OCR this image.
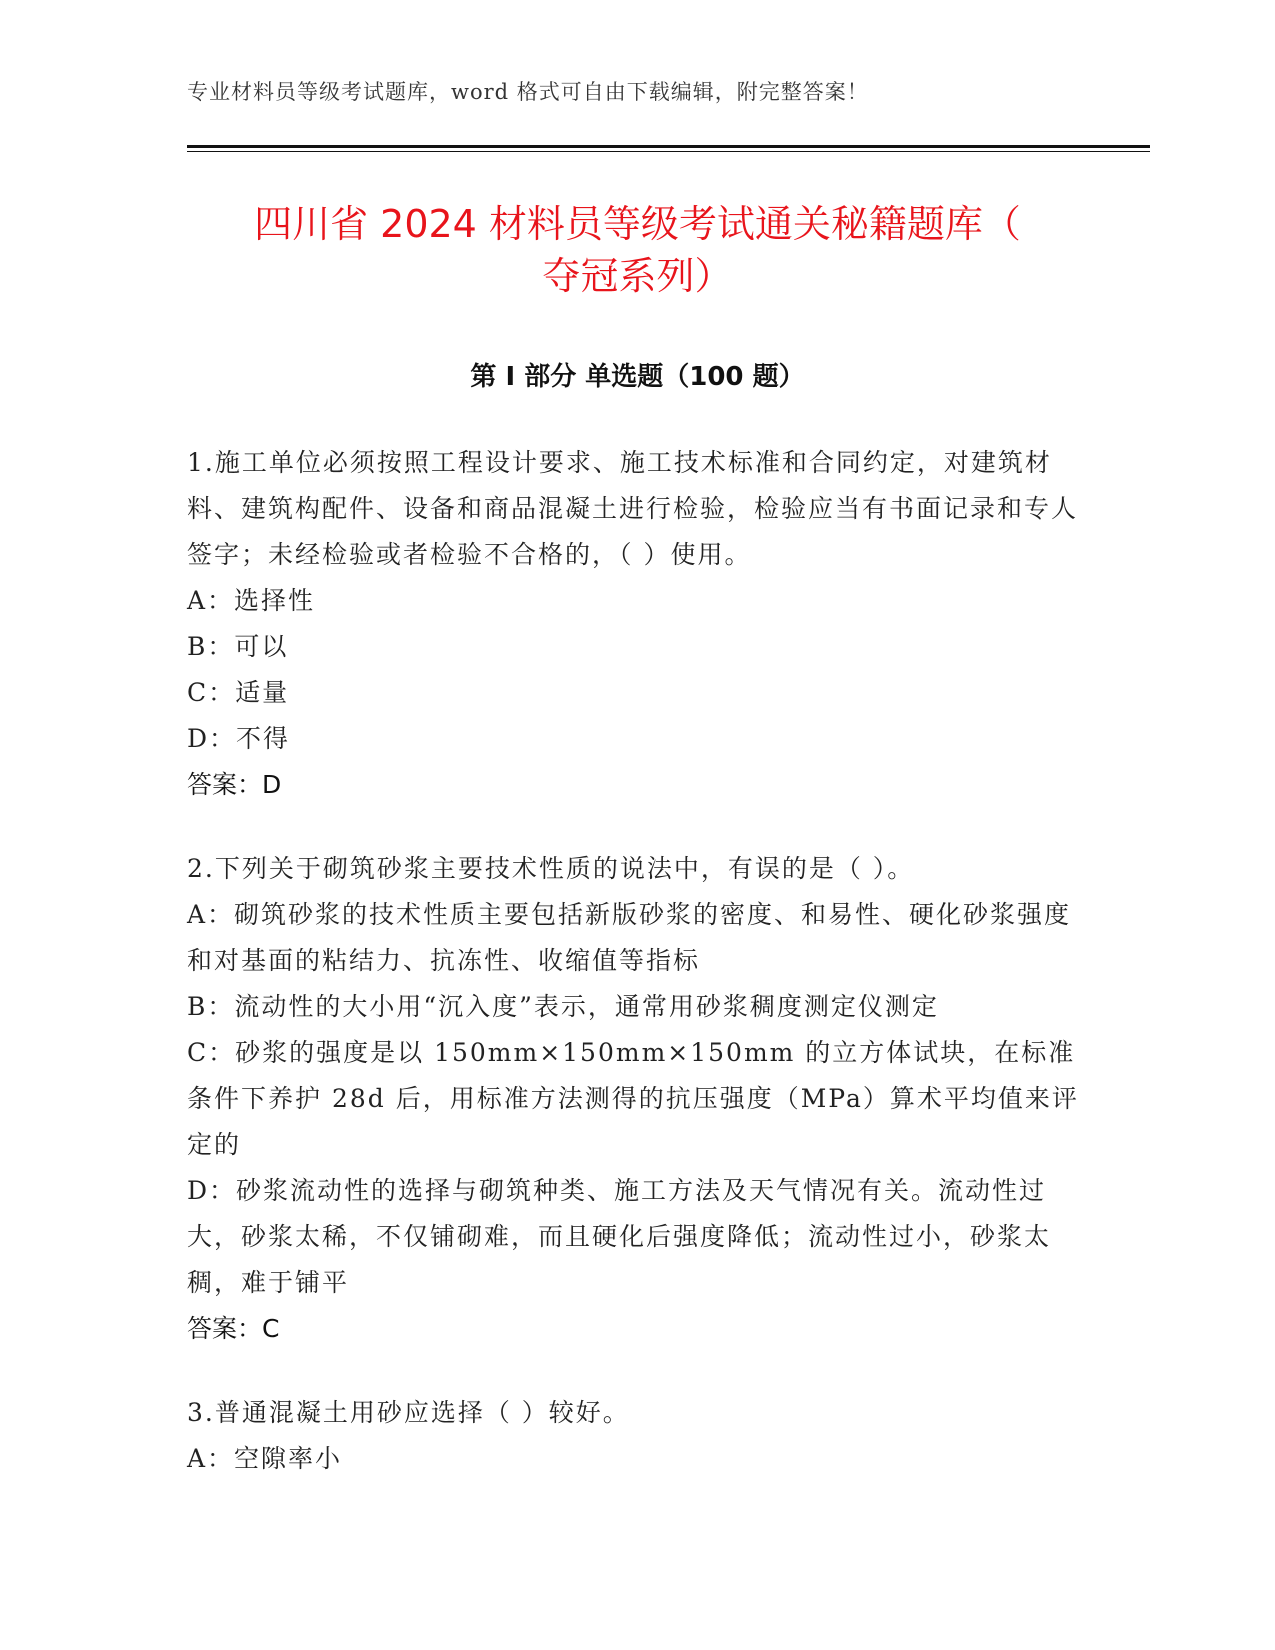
专业材料员等级考试题库，word 格式可自由下载编辑，附完整答案！
四川省 2024 材料员等级考试通关秘籍题库（
夺冠系列）
第 I 部分 单选题（100 题）

1.施工单位必须按照工程设计要求、施工技术标准和合同约定，对建筑材料、建筑构配件、设备和商品混凝土进行检验，检验应当有书面记录和专人签字；未经检验或者检验不合格的，（ ）使用。

A：选择性

B：可以

C：适量

D：不得

答案：D

2.下列关于砌筑砂浆主要技术性质的说法中，有误的是（ ）。

A：砌筑砂浆的技术性质主要包括新版砂浆的密度、和易性、硬化砂浆强度和对基面的粘结力、抗冻性、收缩值等指标

B：流动性的大小用“沉入度”表示，通常用砂浆稠度测定仪测定

C：砂浆的强度是以 150mm×150mm×150mm 的立方体试块，在标准条件下养护 28d 后，用标准方法测得的抗压强度（MPa）算术平均值来评定的

D：砂浆流动性的选择与砌筑种类、施工方法及天气情况有关。流动性过大，砂浆太稀，不仅铺砌难，而且硬化后强度降低；流动性过小，砂浆太稠，难于铺平

答案：C

3.普通混凝土用砂应选择（ ）较好。

A：空隙率小
